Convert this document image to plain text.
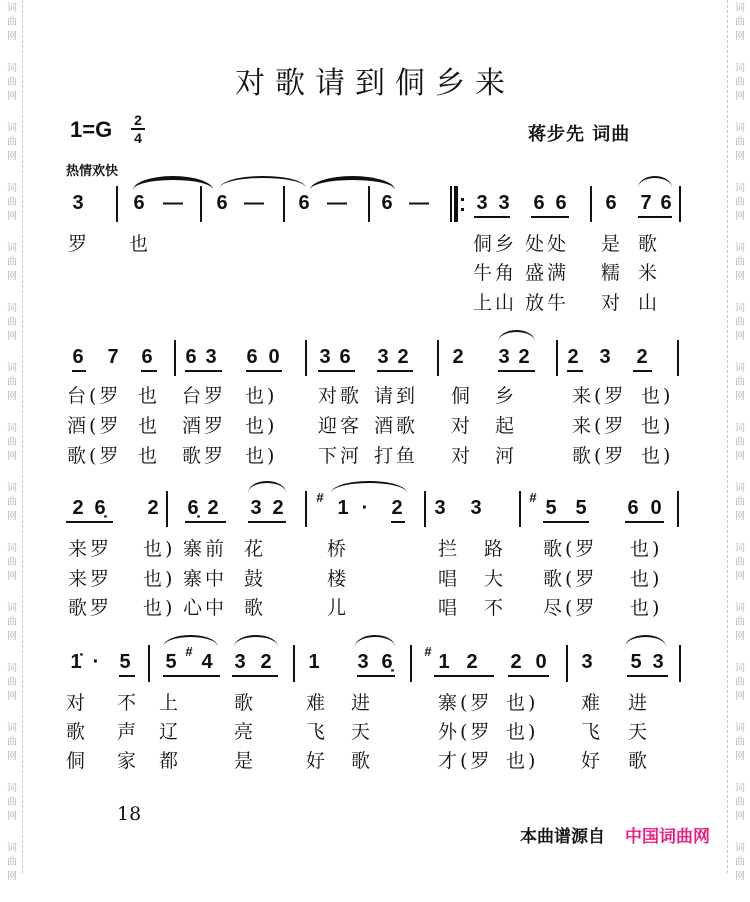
词
曲
网
词
曲
网
词
曲
网
词
曲
网
词
曲
网
词
曲
网
词
曲
网
词
曲
网
词
曲
网
词
曲
网
词
曲
网
词
曲
网
词
曲
网
词
曲
网
词
曲
网
词
曲
网
词
曲
网
词
曲
网
词
曲
网
词
曲
网
词
曲
网
词
曲
网
词
曲
网
词
曲
网
词
曲
网
词
曲
网
词
曲
网
词
曲
网
词
曲
网
词
曲
网
对歌请到侗乡来
1=G 2
4	蒋步先 词曲
热情欢快
3 6 — 6 — 6 — 6 — 3 3 6 6 6 7 6
罗 也	侗乡 处处 是 歌
牛角 盛满 糯 米
上山 放牛 对 山
6 7 6 6 3 6 0 3 6 3 2 2 3 2 2 3 2
台(罗 也 台罗 也) 对歌 请到 侗 乡	来(罗 也)
酒(罗 也 酒罗 也) 迎客 酒歌 对 起	来(罗 也)
歌(罗 也 歌罗 也) 下河 打鱼 对 河	歌(罗 也)
2 6̣ 2 6̣ 2 3 2	# 1 · 2 3 3	# 5 5 6 0
来罗 也) 寨前 花	桥	拦 路 歌(罗 也)
来罗 也) 寨中 鼓	楼	唱 大 歌(罗 也)
歌罗 也) 心中 歌	儿	唱 不 尽(罗 也)
1̇ · 5 5 # 4 3 2 1 3 6̣ # 1 2 2 0 3 5 3
对 不 上	歌	难 进	寨(罗 也) 难 进
歌 声 辽	亮	飞 天	外(罗 也) 飞 天
侗 家 都	是	好 歌	才(罗 也) 好 歌
18
本曲谱源自 中国词曲网
